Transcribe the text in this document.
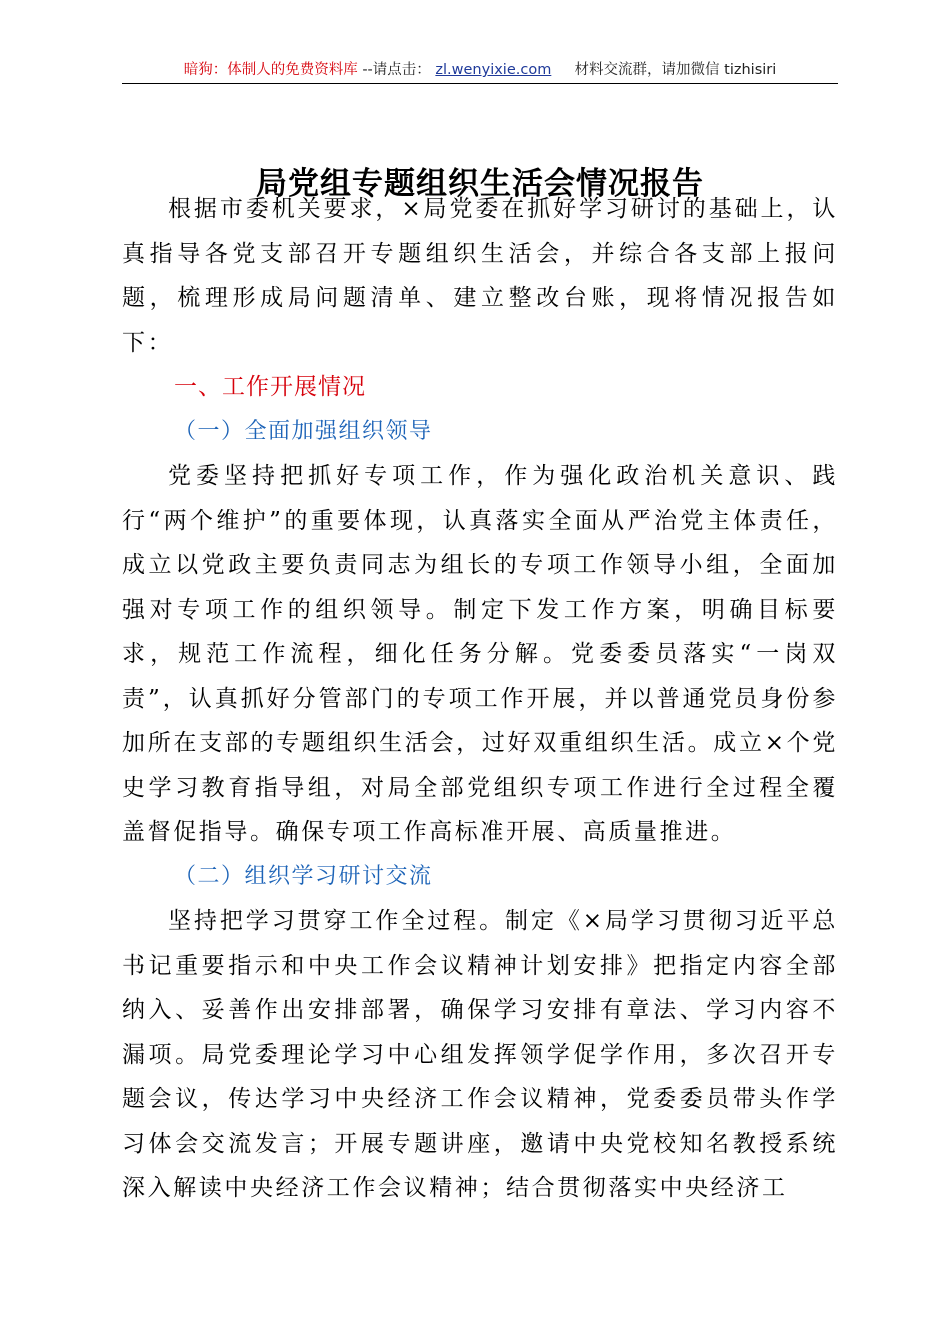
暗狗：体制人的免费资料库 --请点击： zl.wenyixie.com 材料交流群，请加微信 tizhisiri
局党组专题组织生活会情况报告

根据市委机关要求，×局党委在抓好学习研讨的基础上，认真指导各党支部召开专题组织生活会，并综合各支部上报问题，梳理形成局问题清单、建立整改台账，现将情况报告如下：

一、工作开展情况

（一）全面加强组织领导

党委坚持把抓好专项工作，作为强化政治机关意识、践行“两个维护”的重要体现，认真落实全面从严治党主体责任，成立以党政主要负责同志为组长的专项工作领导小组，全面加强对专项工作的组织领导。制定下发工作方案，明确目标要求，规范工作流程，细化任务分解。党委委员落实“一岗双责”，认真抓好分管部门的专项工作开展，并以普通党员身份参加所在支部的专题组织生活会，过好双重组织生活。成立×个党史学习教育指导组，对局全部党组织专项工作进行全过程全覆盖督促指导。确保专项工作高标准开展、高质量推进。

（二）组织学习研讨交流

坚持把学习贯穿工作全过程。制定《×局学习贯彻习近平总书记重要指示和中央工作会议精神计划安排》把指定内容全部纳入、妥善作出安排部署，确保学习安排有章法、学习内容不漏项。局党委理论学习中心组发挥领学促学作用，多次召开专题会议，传达学习中央经济工作会议精神，党委委员带头作学习体会交流发言；开展专题讲座，邀请中央党校知名教授系统深入解读中央经济工作会议精神；结合贯彻落实中央经济工
